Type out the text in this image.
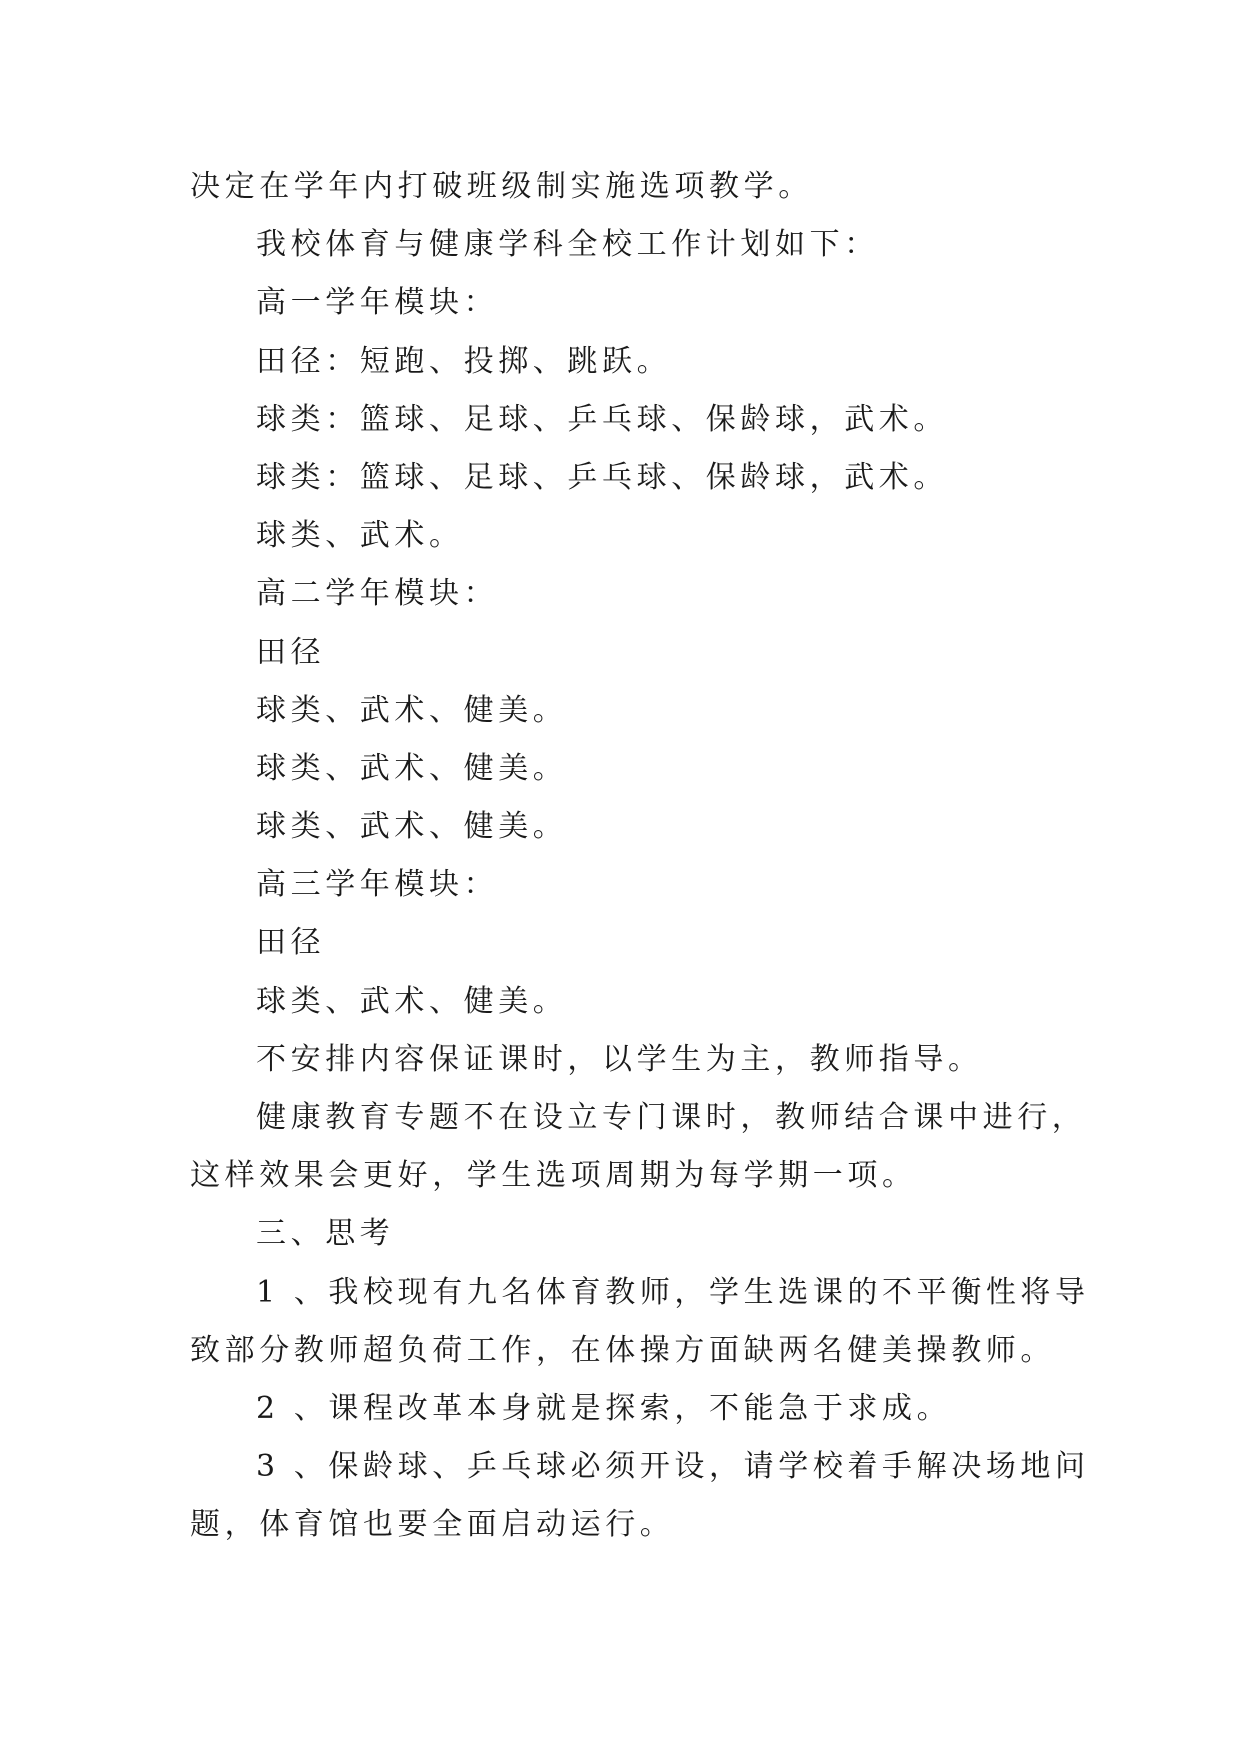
决定在学年内打破班级制实施选项教学。

我校体育与健康学科全校工作计划如下：

高一学年模块：

田径：短跑、投掷、跳跃。

球类：篮球、足球、乒乓球、保龄球，武术。

球类：篮球、足球、乒乓球、保龄球，武术。

球类、武术。

高二学年模块：

田径

球类、武术、健美。

球类、武术、健美。

球类、武术、健美。

高三学年模块：

田径

球类、武术、健美。

不安排内容保证课时，以学生为主，教师指导。

健康教育专题不在设立专门课时，教师结合课中进行，

这样效果会更好，学生选项周期为每学期一项。

三、思考

1 、我校现有九名体育教师，学生选课的不平衡性将导

致部分教师超负荷工作，在体操方面缺两名健美操教师。

2 、课程改革本身就是探索，不能急于求成。

3 、保龄球、乒乓球必须开设，请学校着手解决场地问

题，体育馆也要全面启动运行。
